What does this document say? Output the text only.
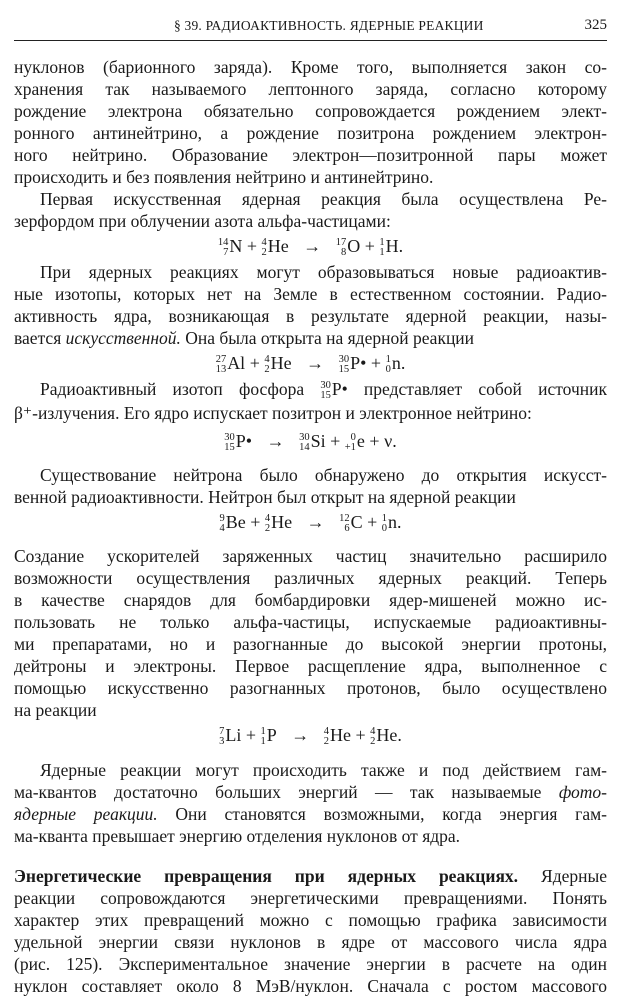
§ 39. РАДИОАКТИВНОСТЬ. ЯДЕРНЫЕ РЕАКЦИИ	325
нуклонов (барионного заряда). Кроме того, выполняется закон со-
хранения так называемого лептонного заряда, согласно которому
рождение электрона обязательно сопровождается рождением элект-
ронного антинейтрино, а рождение позитрона рождением электрон-
ного нейтрино. Образование электрон—позитронной пары может
происходить и без появления нейтрино и антинейтрино.
Первая искусственная ядерная реакция была осуществлена Ре-
зерфордом при облучении азота альфа-частицами:
14
7 N + 4
2 He → 17
8 O + 1
1 H.
При ядерных реакциях могут образовываться новые радиоактив-
ные изотопы, которых нет на Земле в естественном состоянии. Радио-
активность ядра, возникающая в результате ядерной реакции, назы-
вается искусственной. Она была открыта на ядерной реакции
27
13 Al + 4
2 He → 30
15 P• + 1
0 n.
Радиоактивный изотоп фосфора 30
15 P• представляет собой источник
β⁺-излучения. Его ядро испускает позитрон и электронное нейтрино:
30
15 P• → 30
14 Si + 0
+1 e + ν.
Существование нейтрона было обнаружено до открытия искусст-
венной радиоактивности. Нейтрон был открыт на ядерной реакции
9
4 Be + 4
2 He → 12
6 C + 1
0 n.
Создание ускорителей заряженных частиц значительно расширило
возможности осуществления различных ядерных реакций. Теперь
в качестве снарядов для бомбардировки ядер-мишеней можно ис-
пользовать не только альфа-частицы, испускаемые радиоактивны-
ми препаратами, но и разогнанные до высокой энергии протоны,
дейтроны и электроны. Первое расщепление ядра, выполненное с
помощью искусственно разогнанных протонов, было осуществлено
на реакции
7
3 Li + 1
1 P → 4
2 He + 4
2 He.
Ядерные реакции могут происходить также и под действием гам-
ма-квантов достаточно больших энергий — так называемые фото-
ядерные реакции. Они становятся возможными, когда энергия гам-
ма-кванта превышает энергию отделения нуклонов от ядра.
Энергетические превращения при ядерных реакциях. Ядерные
реакции сопровождаются энергетическими превращениями. Понять
характер этих превращений можно с помощью графика зависимости
удельной энергии связи нуклонов в ядре от массового числа ядра
(рис. 125). Экспериментальное значение энергии в расчете на один
нуклон составляет около 8 МэВ/нуклон. Сначала с ростом массового
